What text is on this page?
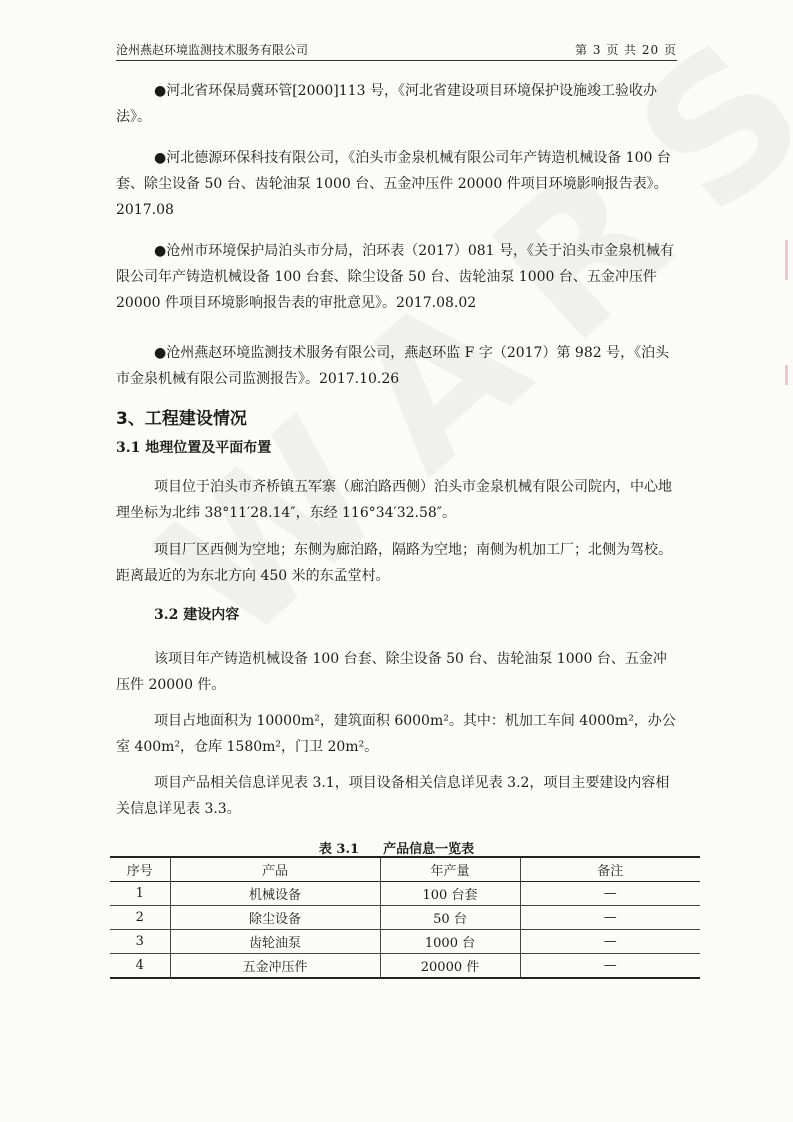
沧州燕赵环境监测技术服务有限公司	第 3 页 共 20 页

●河北省环保局冀环管[2000]113 号，《河北省建设项目环境保护设施竣工验收办法》。

●河北德源环保科技有限公司，《泊头市金泉机械有限公司年产铸造机械设备 100 台套、除尘设备 50 台、齿轮油泵 1000 台、五金冲压件 20000 件项目环境影响报告表》。2017.08

●沧州市环境保护局泊头市分局，泊环表（2017）081 号，《关于泊头市金泉机械有限公司年产铸造机械设备 100 台套、除尘设备 50 台、齿轮油泵 1000 台、五金冲压件 20000 件项目环境影响报告表的审批意见》。2017.08.02

●沧州燕赵环境监测技术服务有限公司，燕赵环监 F 字（2017）第 982 号，《泊头市金泉机械有限公司监测报告》。2017.10.26

3、工程建设情况
3.1 地理位置及平面布置

项目位于泊头市齐桥镇五军寨（廊泊路西侧）泊头市金泉机械有限公司院内，中心地理坐标为北纬 38°11′28.14″，东经 116°34′32.58″。

项目厂区西侧为空地；东侧为廊泊路，隔路为空地；南侧为机加工厂；北侧为驾校。距离最近的为东北方向 450 米的东孟堂村。

3.2 建设内容

该项目年产铸造机械设备 100 台套、除尘设备 50 台、齿轮油泵 1000 台、五金冲压件 20000 件。

项目占地面积为 10000m²，建筑面积 6000m²。其中：机加工车间 4000m²，办公室 400m²，仓库 1580m²，门卫 20m²。

项目产品相关信息详见表 3.1，项目设备相关信息详见表 3.2，项目主要建设内容相关信息详见表 3.3。

表 3.1 产品信息一览表
序号	产品	年产量	备注
1	机械设备	100 台套	—
2	除尘设备	50 台	—
3	齿轮油泵	1000 台	—
4	五金冲压件	20000 件	—
